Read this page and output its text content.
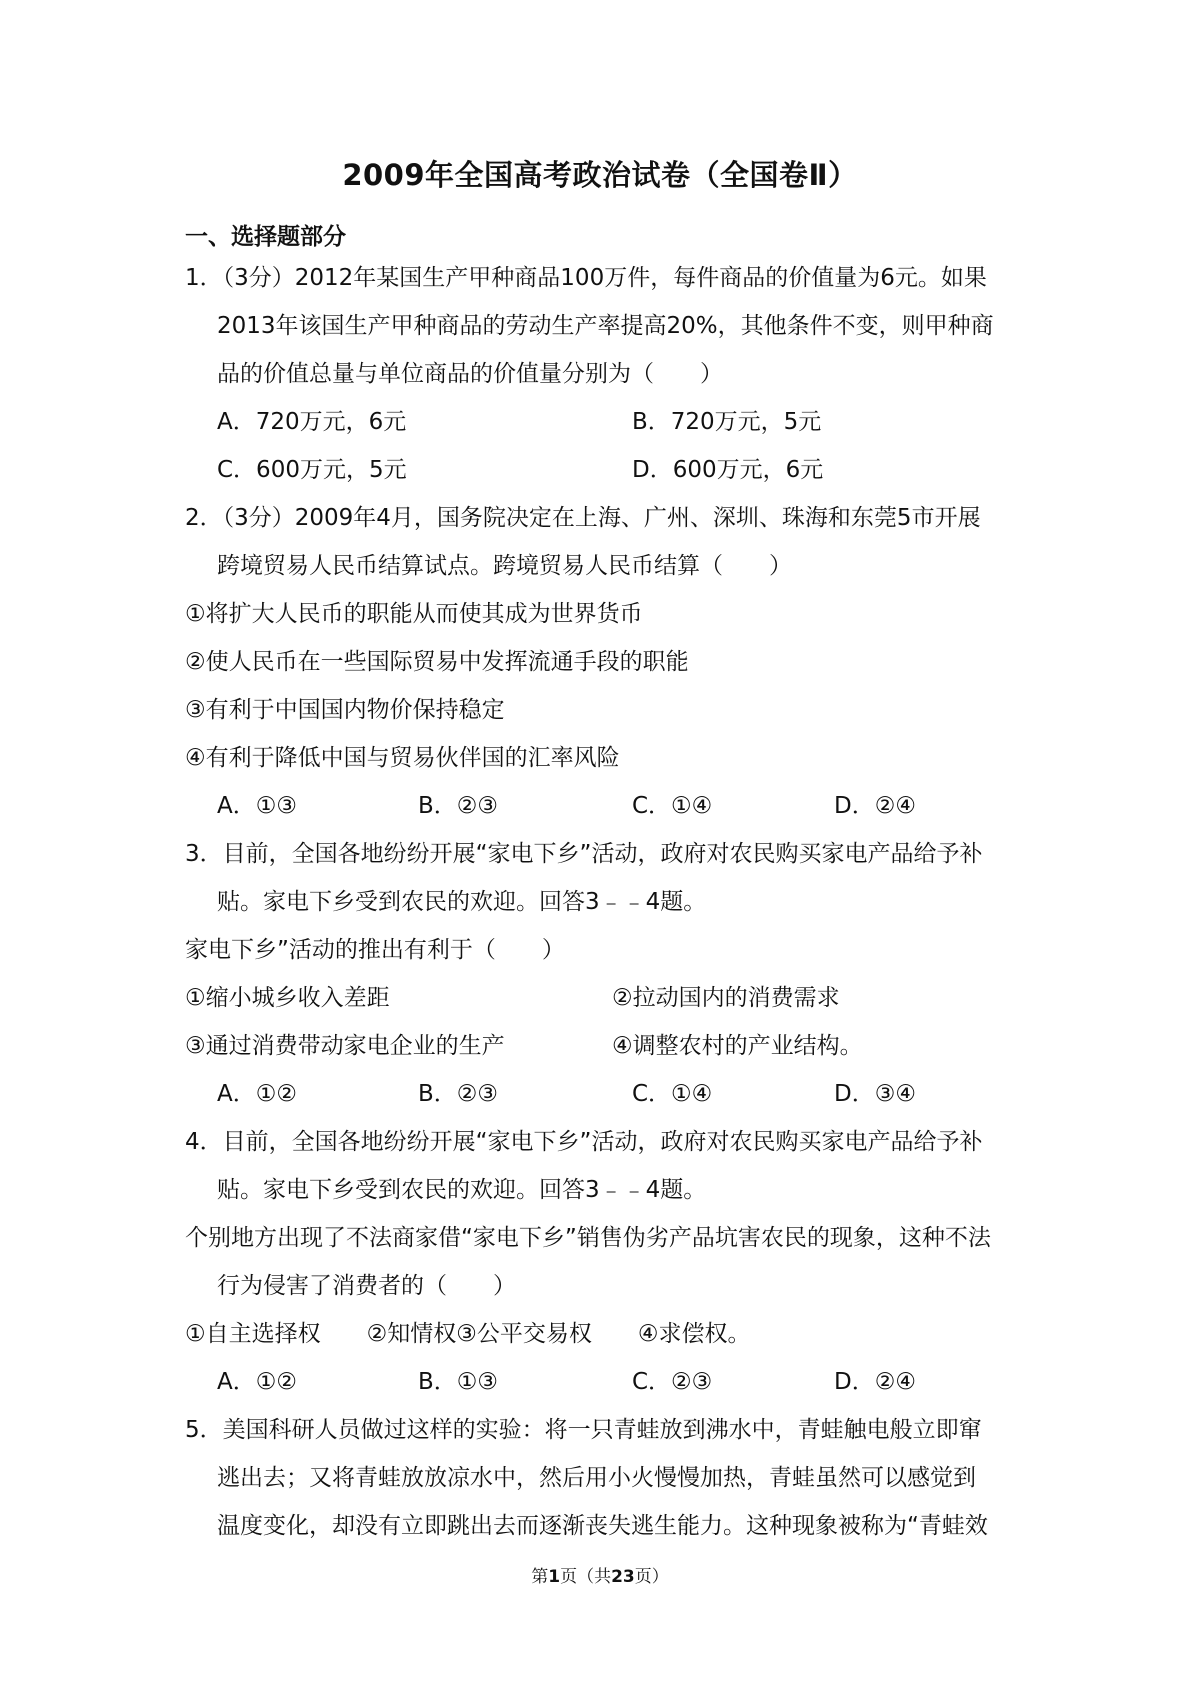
2009年全国高考政治试卷（全国卷Ⅱ）
一、选择题部分
1．（3分）2012年某国生产甲种商品100万件，每件商品的价值量为6元。如果
2013年该国生产甲种商品的劳动生产率提高20%，其他条件不变，则甲种商
品的价值总量与单位商品的价值量分别为（　　）
A．720万元，6元	B．720万元，5元
C．600万元，5元	D．600万元，6元
2．（3分）2009年4月，国务院决定在上海、广州、深圳、珠海和东莞5市开展
跨境贸易人民币结算试点。跨境贸易人民币结算（　　）
①将扩大人民币的职能从而使其成为世界货币
②使人民币在一些国际贸易中发挥流通手段的职能
③有利于中国国内物价保持稳定
④有利于降低中国与贸易伙伴国的汇率风险
A．①③	B．②③	C．①④	D．②④
3．目前，全国各地纷纷开展“家电下乡”活动，政府对农民购买家电产品给予补
贴。家电下乡受到农民的欢迎。回答3﹣﹣4题。
家电下乡”活动的推出有利于（　　）
①缩小城乡收入差距	②拉动国内的消费需求
③通过消费带动家电企业的生产	④调整农村的产业结构。
A．①②	B．②③	C．①④	D．③④
4．目前，全国各地纷纷开展“家电下乡”活动，政府对农民购买家电产品给予补
贴。家电下乡受到农民的欢迎。回答3﹣﹣4题。
个别地方出现了不法商家借“家电下乡”销售伪劣产品坑害农民的现象，这种不法
行为侵害了消费者的（　　）
①自主选择权　　②知情权③公平交易权　　④求偿权。
A．①②	B．①③	C．②③	D．②④
5．美国科研人员做过这样的实验：将一只青蛙放到沸水中，青蛙触电般立即窜
逃出去；又将青蛙放放凉水中，然后用小火慢慢加热，青蛙虽然可以感觉到
温度变化，却没有立即跳出去而逐渐丧失逃生能力。这种现象被称为“青蛙效
第1页（共23页）
